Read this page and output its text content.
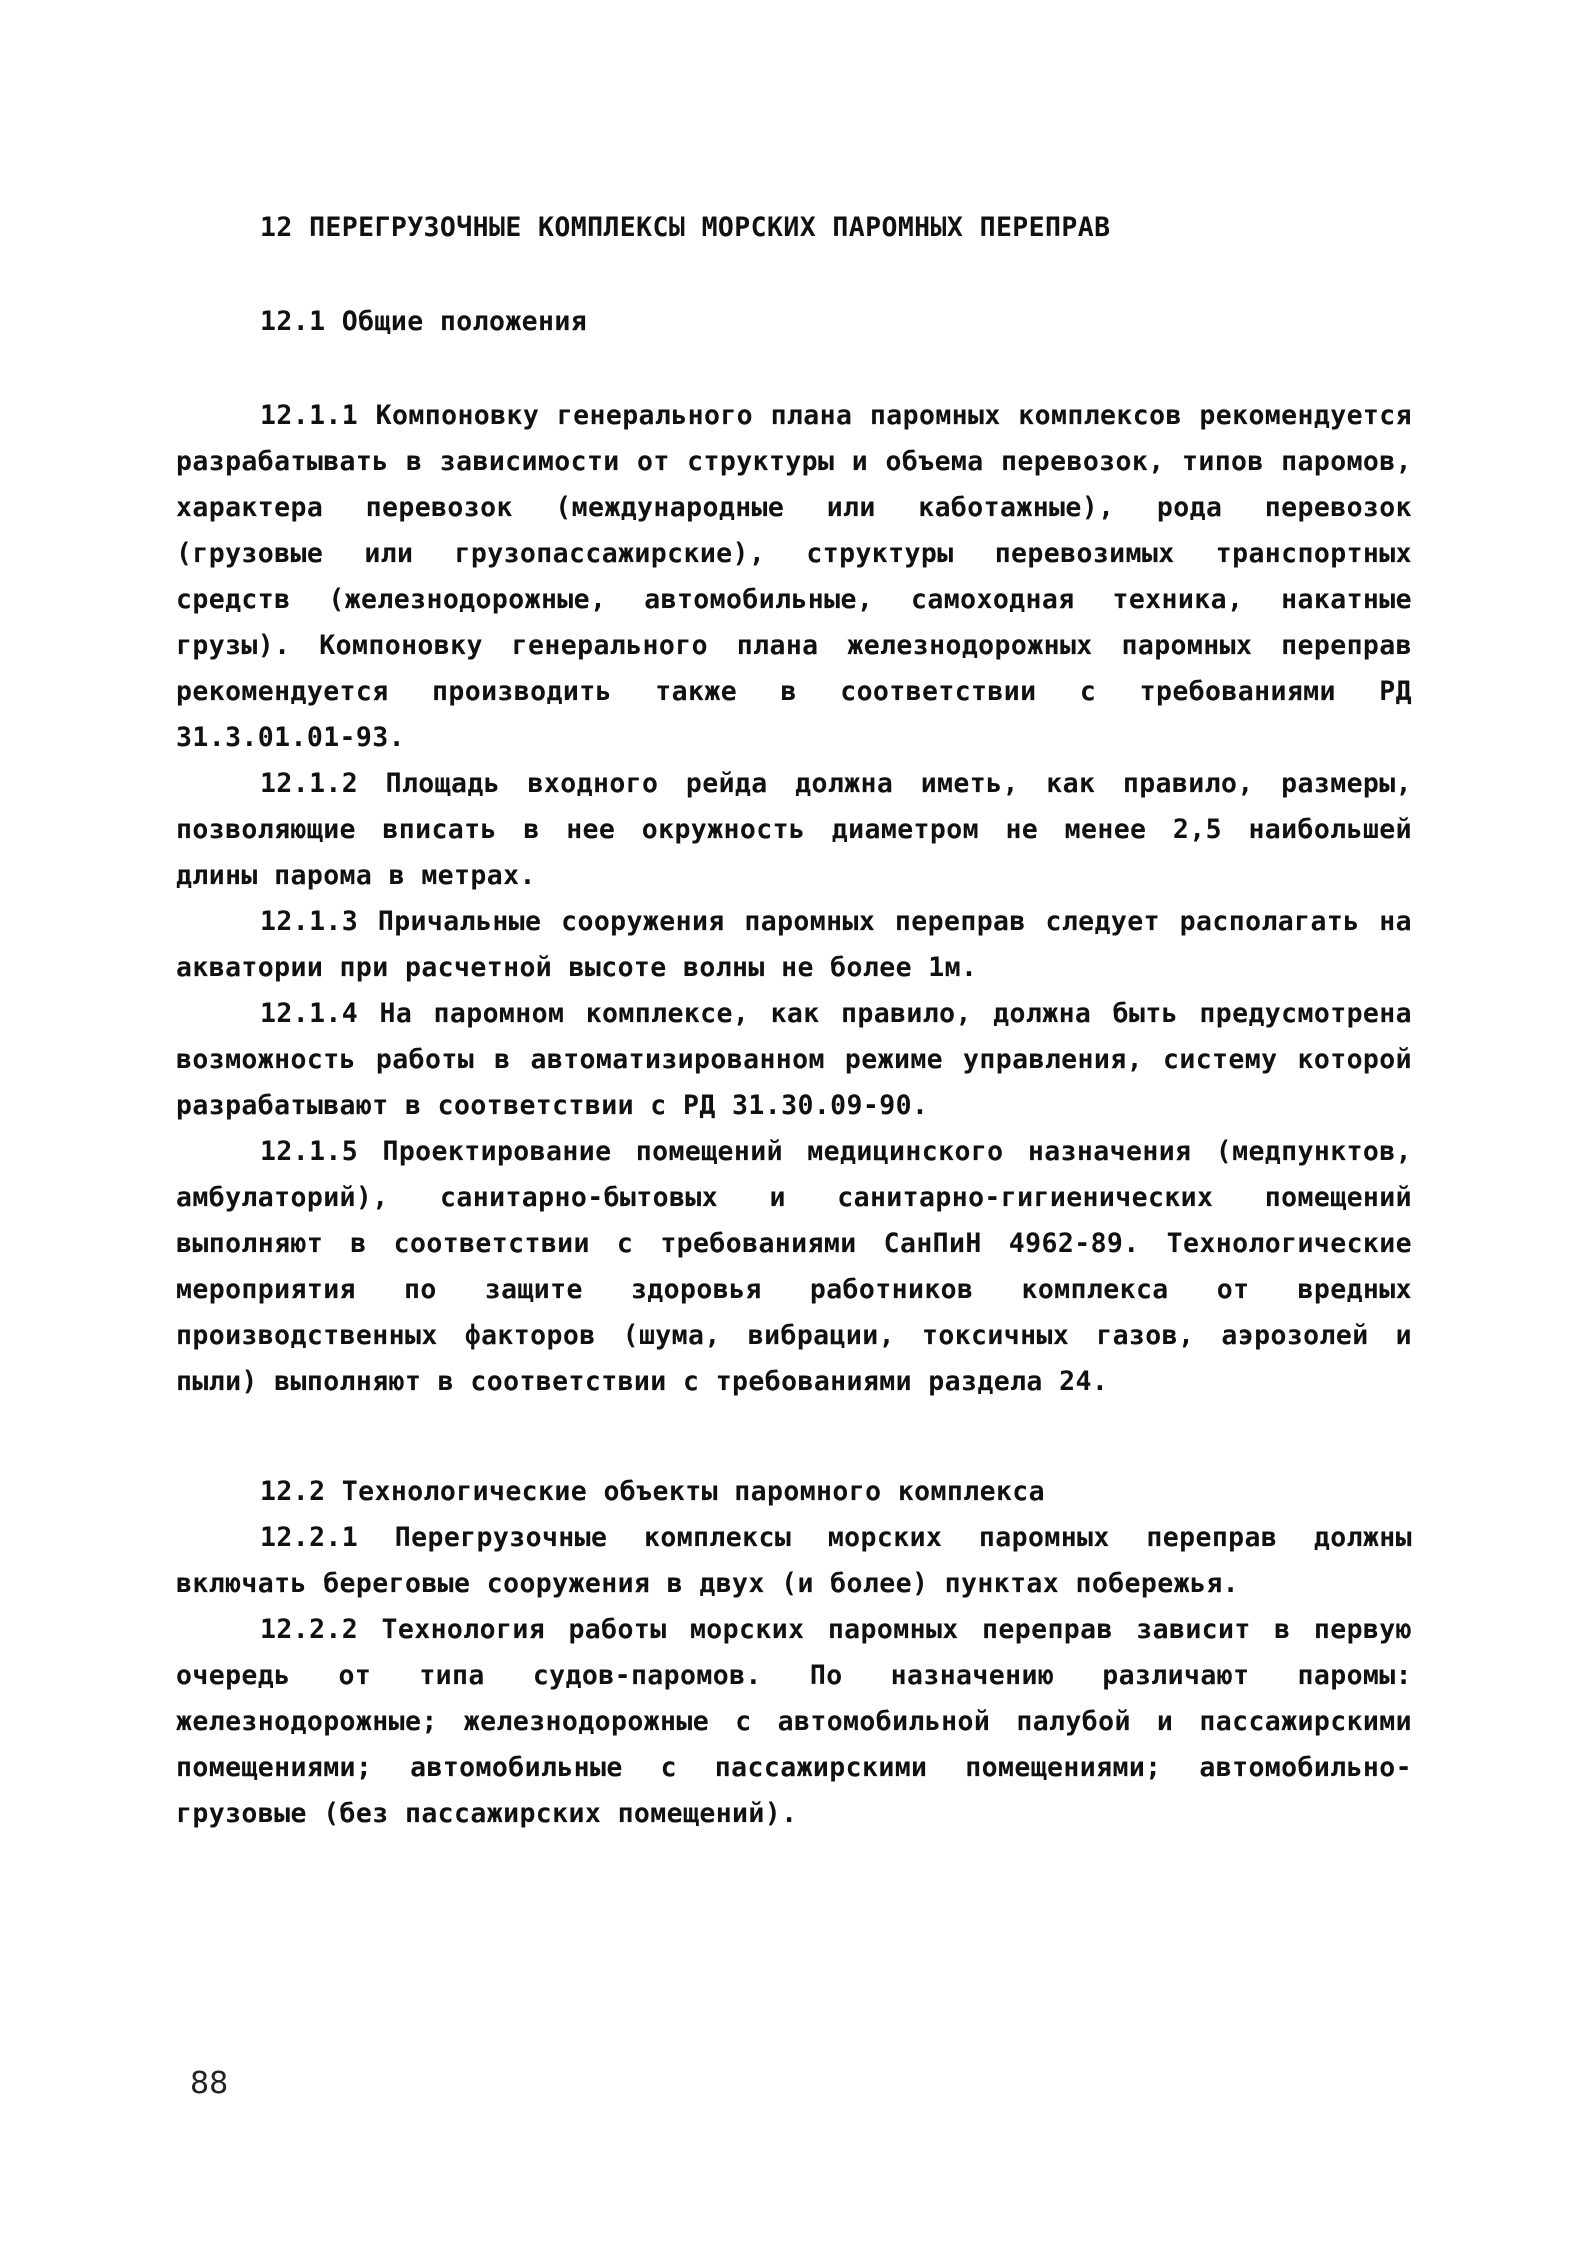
12 ПЕРЕГРУЗОЧНЫЕ КОМПЛЕКСЫ МОРСКИХ ПАРОМНЫХ ПЕРЕПРАВ

12.1 Общие положения

12.1.1 Компоновку генерального плана паромных комплексов рекомендуется разрабатывать в зависимости от структуры и объема перевозок, типов паромов, характера перевозок (международные или каботажные), рода перевозок (грузовые или грузопассажирские), структуры перевозимых транспортных средств (железнодорожные, автомобильные, самоходная техника, накатные грузы). Компоновку генерального плана железнодорожных паромных переправ рекомендуется производить также в соответствии с требованиями РД 31.3.01.01-93.

12.1.2 Площадь входного рейда должна иметь, как правило, размеры, позволяющие вписать в нее окружность диаметром не менее 2,5 наибольшей длины парома в метрах.

12.1.3 Причальные сооружения паромных переправ следует располагать на акватории при расчетной высоте волны не более 1м.

12.1.4 На паромном комплексе, как правило, должна быть предусмотрена возможность работы в автоматизированном режиме управления, систему которой разрабатывают в соответствии с РД 31.30.09-90.

12.1.5 Проектирование помещений медицинского назначения (медпунктов, амбулаторий), санитарно-бытовых и санитарно-гигиенических помещений выполняют в соответствии с требованиями СанПиН 4962-89. Технологические мероприятия по защите здоровья работников комплекса от вредных производственных факторов (шума, вибрации, токсичных газов, аэрозолей и пыли) выполняют в соответствии с требованиями раздела 24.

12.2 Технологические объекты паромного комплекса

12.2.1 Перегрузочные комплексы морских паромных переправ должны включать береговые сооружения в двух (и более) пунктах побережья.

12.2.2 Технология работы морских паромных переправ зависит в первую очередь от типа судов-паромов. По назначению различают паромы: железнодорожные; железнодорожные с автомобильной палубой и пассажирскими помещениями; автомобильные с пассажирскими помещениями; автомобильно-грузовые (без пассажирских помещений).

88
